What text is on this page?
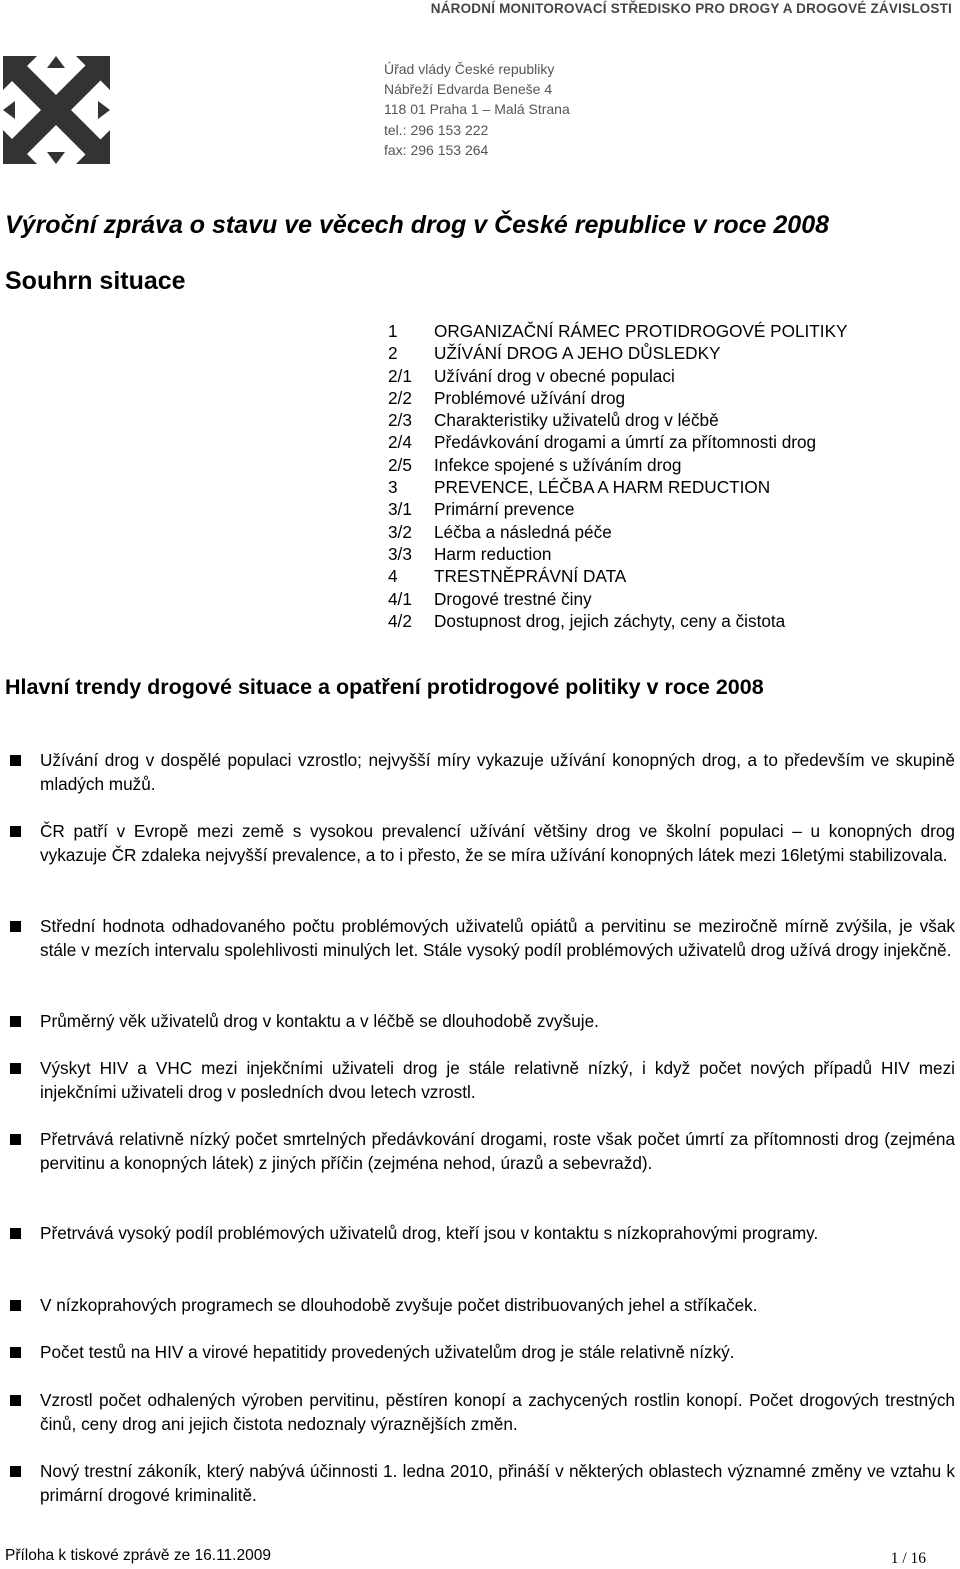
NÁRODNÍ MONITOROVACÍ STŘEDISKO PRO DROGY A DROGOVÉ ZÁVISLOSTI
Úřad vlády České republiky
Nábřeží Edvarda Beneše 4
118 01 Praha 1 – Malá Strana
tel.: 296 153 222
fax: 296 153 264
Výroční zpráva o stavu ve věcech drog v České republice v roce 2008
Souhrn situace
1	ORGANIZAČNÍ RÁMEC PROTIDROGOVÉ POLITIKY
2	UŽÍVÁNÍ DROG A JEHO DŮSLEDKY
2/1	Užívání drog v obecné populaci
2/2	Problémové užívání drog
2/3	Charakteristiky uživatelů drog v léčbě
2/4	Předávkování drogami a úmrtí za přítomnosti drog
2/5	Infekce spojené s užíváním drog
3	PREVENCE, LÉČBA A HARM REDUCTION
3/1	Primární prevence
3/2	Léčba a následná péče
3/3	Harm reduction
4	TRESTNĚPRÁVNÍ DATA
4/1	Drogové trestné činy
4/2	Dostupnost drog, jejich záchyty, ceny a čistota
Hlavní trendy drogové situace a opatření protidrogové politiky v roce 2008
Užívání drog v dospělé populaci vzrostlo; nejvyšší míry vykazuje užívání konopných drog, a to především ve skupině mladých mužů.
ČR patří v Evropě mezi země s vysokou prevalencí užívání většiny drog ve školní populaci – u konopných drog vykazuje ČR zdaleka nejvyšší prevalence, a to i přesto, že se míra užívání konopných látek mezi 16letými stabilizovala.
Střední hodnota odhadovaného počtu problémových uživatelů opiátů a pervitinu se meziročně mírně zvýšila, je však stále v mezích intervalu spolehlivosti minulých let. Stále vysoký podíl problémových uživatelů drog užívá drogy injekčně.
Průměrný věk uživatelů drog v kontaktu a v léčbě se dlouhodobě zvyšuje.
Výskyt HIV a VHC mezi injekčními uživateli drog je stále relativně nízký, i když počet nových případů HIV mezi injekčními uživateli drog v posledních dvou letech vzrostl.
Přetrvává relativně nízký počet smrtelných předávkování drogami, roste však počet úmrtí za přítomnosti drog (zejména pervitinu a konopných látek) z jiných příčin (zejména nehod, úrazů a sebevražd).
Přetrvává vysoký podíl problémových uživatelů drog, kteří jsou v kontaktu s nízkoprahovými programy.
V nízkoprahových programech se dlouhodobě zvyšuje počet distribuovaných jehel a stříkaček.
Počet testů na HIV a virové hepatitidy provedených uživatelům drog je stále relativně nízký.
Vzrostl počet odhalených výroben pervitinu, pěstíren konopí a zachycených rostlin konopí. Počet drogových trestných činů, ceny drog ani jejich čistota nedoznaly výraznějších změn.
Nový trestní zákoník, který nabývá účinnosti 1. ledna 2010, přináší v některých oblastech významné změny ve vztahu k primární drogové kriminalitě.
Příloha k tiskové zprávě ze 16.11.2009	1 / 16
